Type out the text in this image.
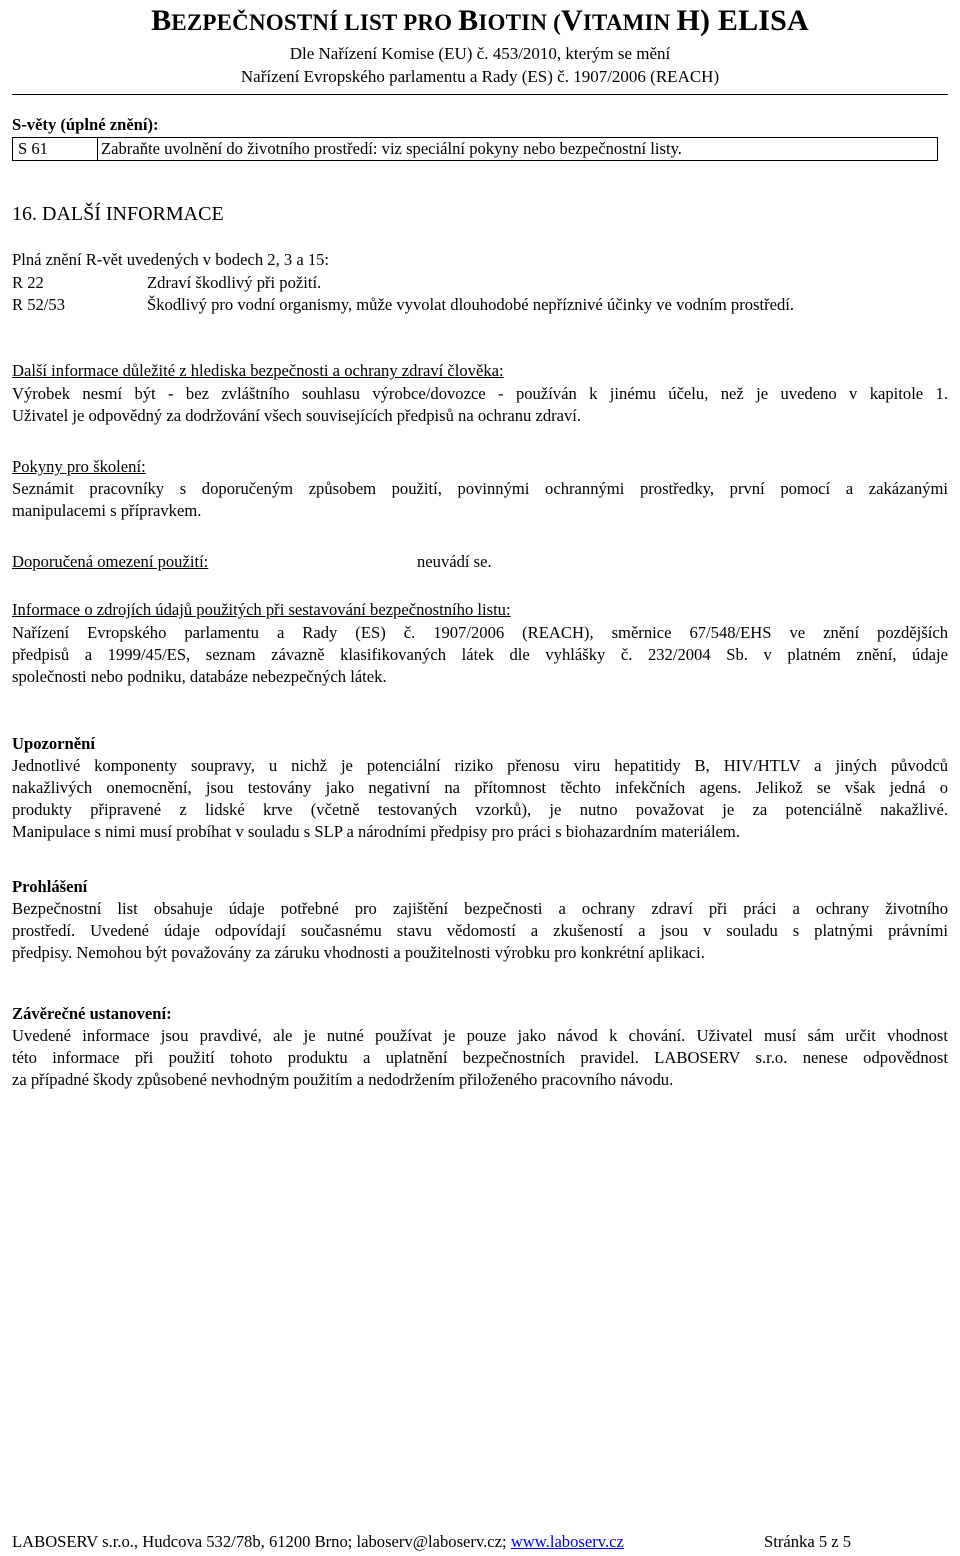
BEZPEČNOSTNÍ LIST PRO BIOTIN (VITAMIN H) ELISA
Dle Nařízení Komise (EU) č. 453/2010, kterým se mění
Nařízení Evropského parlamentu a Rady (ES) č. 1907/2006 (REACH)
S-věty (úplné znění):
S 61	Zabraňte uvolnění do životního prostředí: viz speciální pokyny nebo bezpečnostní listy.
16. DALŠÍ INFORMACE
Plná znění R-vět uvedených v bodech 2, 3 a 15:
R 22	Zdraví škodlivý při požití.
R 52/53	Škodlivý pro vodní organismy, může vyvolat dlouhodobé nepříznivé účinky ve vodním prostředí.
Další informace důležité z hlediska bezpečnosti a ochrany zdraví člověka:
Výrobek nesmí být - bez zvláštního souhlasu výrobce/dovozce - používán k jinému účelu, než je uvedeno v kapitole 1.
Uživatel je odpovědný za dodržování všech souvisejících předpisů na ochranu zdraví.
Pokyny pro školení:
Seznámit pracovníky s doporučeným způsobem použití, povinnými ochrannými prostředky, první pomocí a zakázanými
manipulacemi s přípravkem.
Doporučená omezení použití:	neuvádí se.
Informace o zdrojích údajů použitých při sestavování bezpečnostního listu:
Nařízení Evropského parlamentu a Rady (ES) č. 1907/2006 (REACH), směrnice 67/548/EHS ve znění pozdějších
předpisů a 1999/45/ES, seznam závazně klasifikovaných látek dle vyhlášky č. 232/2004 Sb. v platném znění, údaje
společnosti nebo podniku, databáze nebezpečných látek.
Upozornění
Jednotlivé komponenty soupravy, u nichž je potenciální riziko přenosu viru hepatitidy B, HIV/HTLV a jiných původců
nakažlivých onemocnění, jsou testovány jako negativní na přítomnost těchto infekčních agens. Jelikož se však jedná o
produkty připravené z lidské krve (včetně testovaných vzorků), je nutno považovat je za potenciálně nakažlivé.
Manipulace s nimi musí probíhat v souladu s SLP a národními předpisy pro práci s biohazardním materiálem.
Prohlášení
Bezpečnostní list obsahuje údaje potřebné pro zajištění bezpečnosti a ochrany zdraví při práci a ochrany životního
prostředí. Uvedené údaje odpovídají současnému stavu vědomostí a zkušeností a jsou v souladu s platnými právními
předpisy. Nemohou být považovány za záruku vhodnosti a použitelnosti výrobku pro konkrétní aplikaci.
Závěrečné ustanovení:
Uvedené informace jsou pravdivé, ale je nutné používat je pouze jako návod k chování. Uživatel musí sám určit vhodnost
této informace při použití tohoto produktu a uplatnění bezpečnostních pravidel. LABOSERV s.r.o. nenese odpovědnost
za případné škody způsobené nevhodným použitím a nedodržením přiloženého pracovního návodu.
LABOSERV s.r.o., Hudcova 532/78b, 61200 Brno; laboserv@laboserv.cz; www.laboserv.cz	Stránka 5 z 5
